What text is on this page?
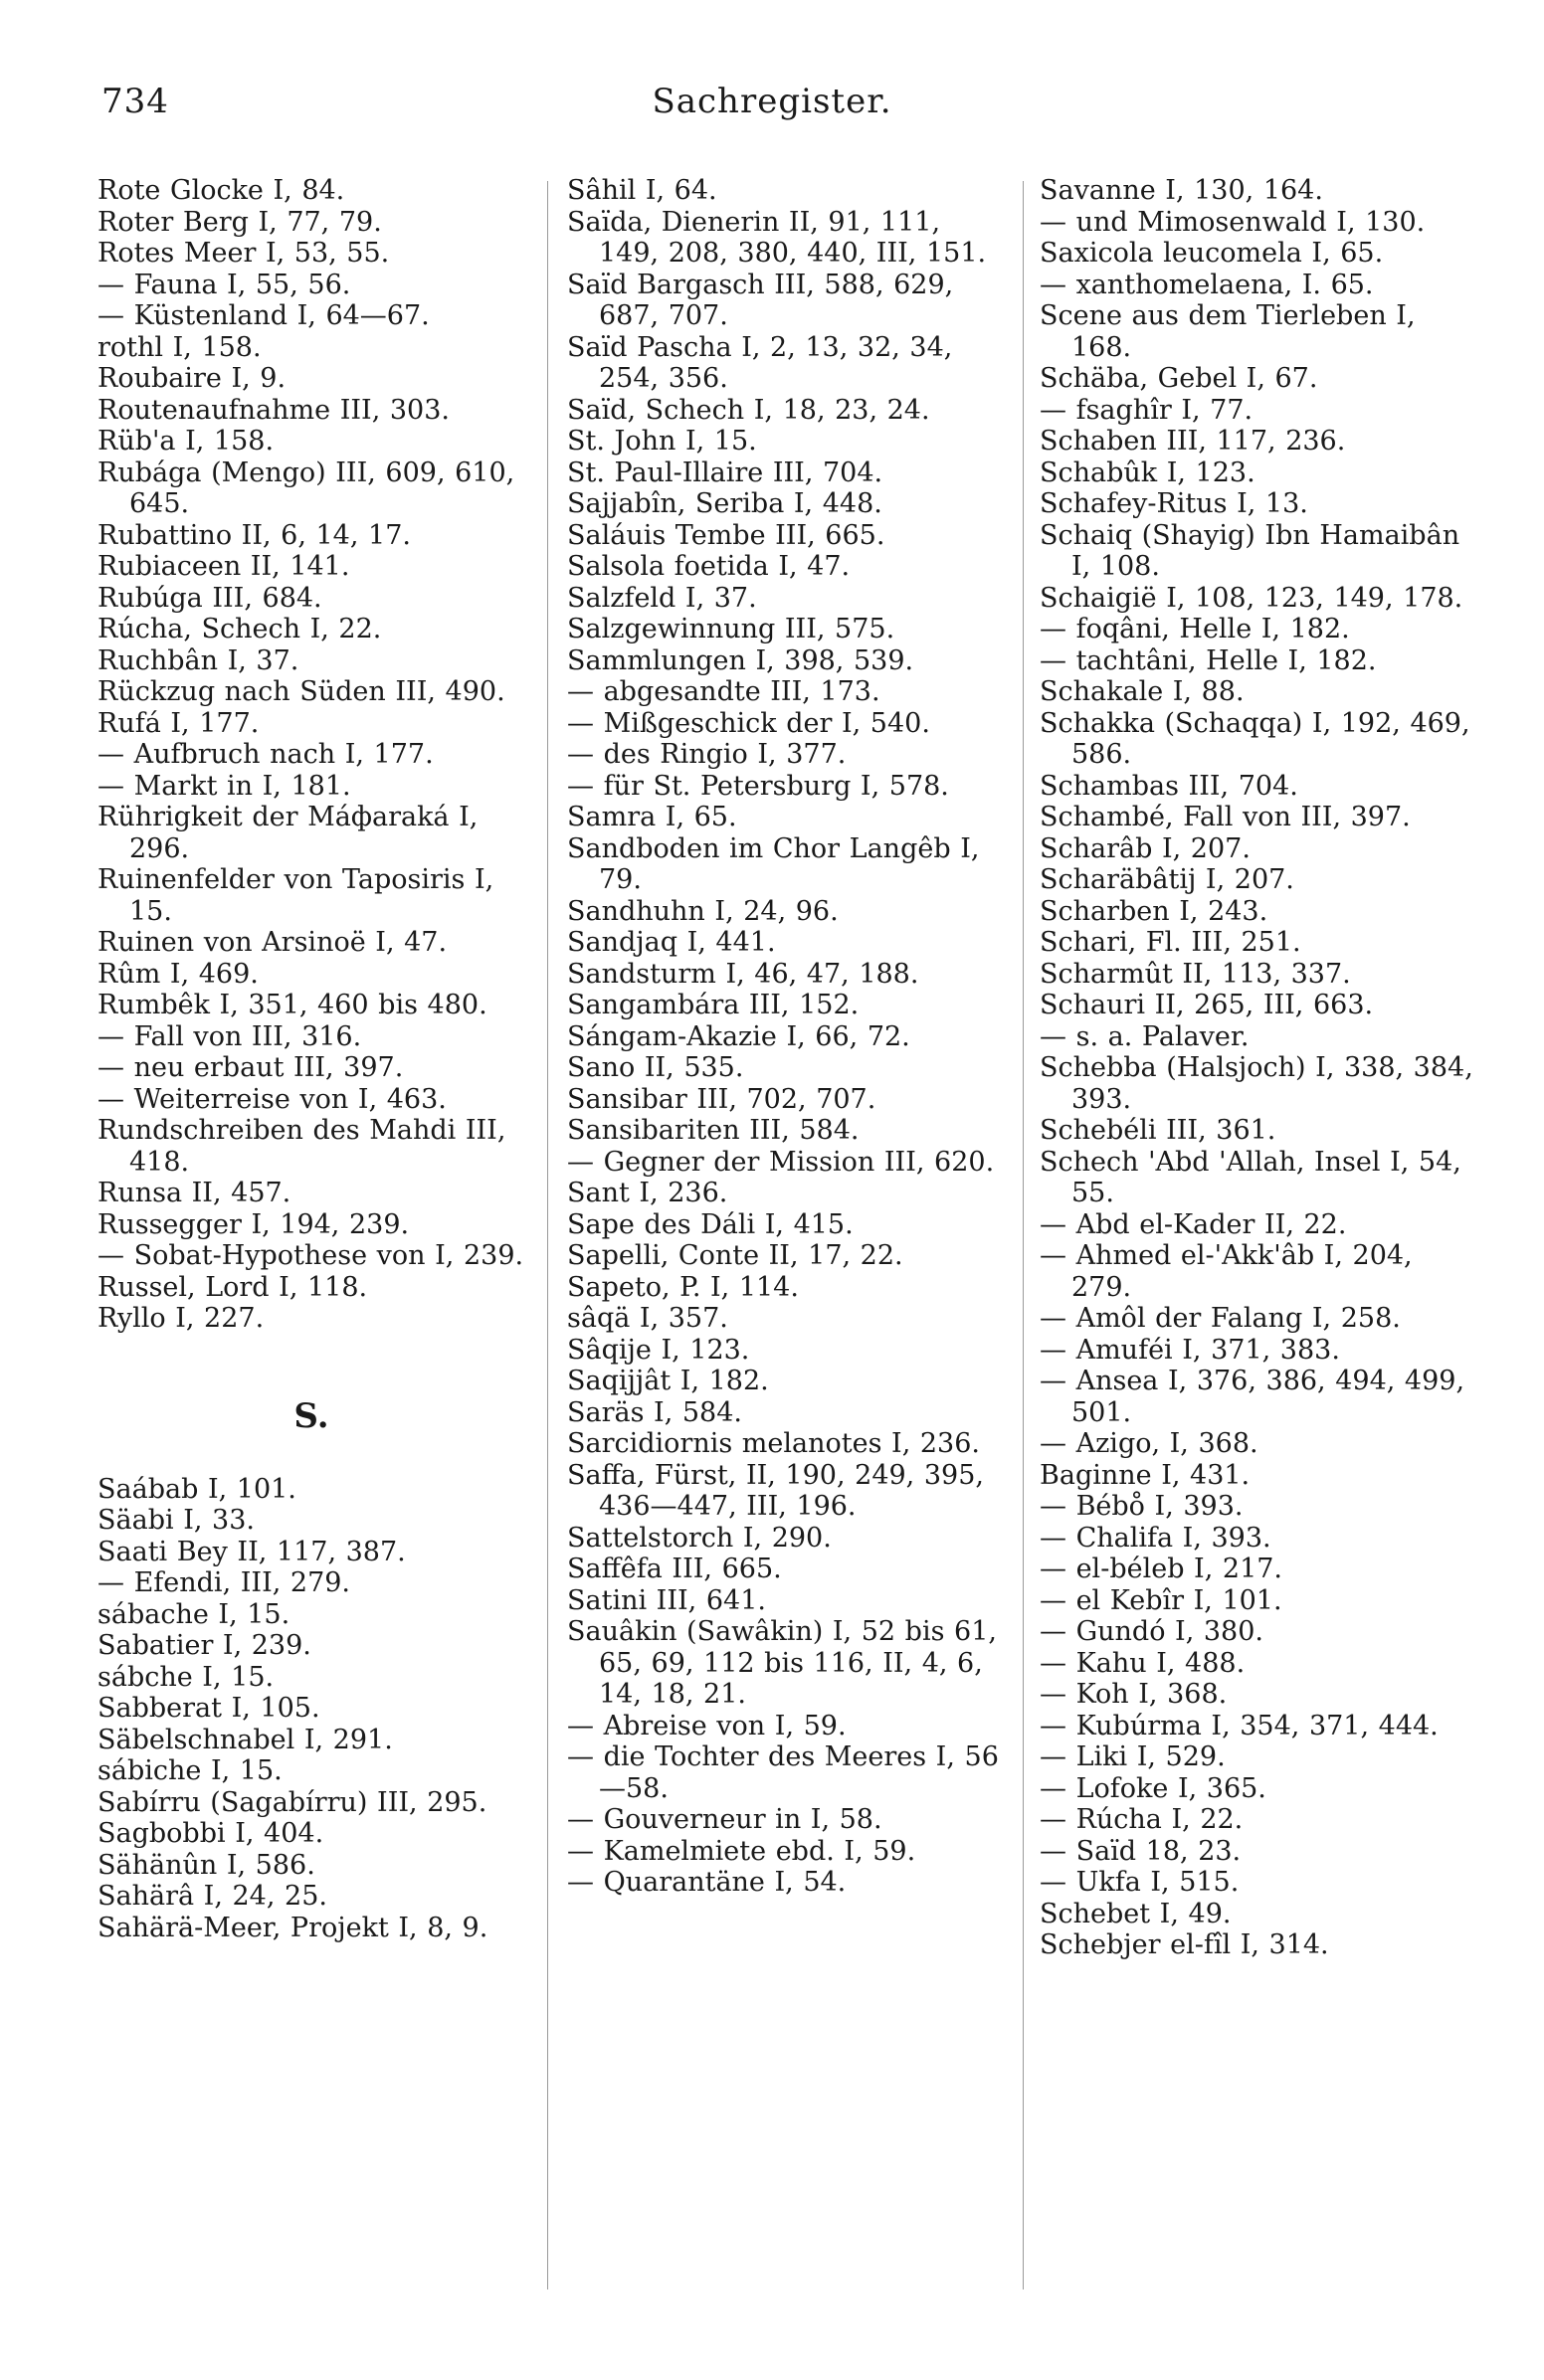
734	Sachregister.

Rote Glocke I, 84.

Roter Berg I, 77, 79.

Rotes Meer I, 53, 55.

— Fauna I, 55, 56.

— Küstenland I, 64—67.

rothl I, 158.

Roubaire I, 9.

Routenaufnahme III, 303.

Rüb'a I, 158.

Rubága (Mengo) III, 609, 610, 645.

Rubattino II, 6, 14, 17.

Rubiaceen II, 141.

Rubúga III, 684.

Rúcha, Schech I, 22.

Ruchbân I, 37.

Rückzug nach Süden III, 490.

Rufá I, 177.

— Aufbruch nach I, 177.

— Markt in I, 181.

Rührigkeit der Máфaraká I, 296.

Ruinenfelder von Taposiris I, 15.

Ruinen von Arsinoë I, 47.

Rûm I, 469.

Rumbêk I, 351, 460 bis 480.

— Fall von III, 316.

— neu erbaut III, 397.

— Weiterreise von I, 463.

Rundschreiben des Mahdi III, 418.

Runsa II, 457.

Russegger I, 194, 239.

— Sobat-Hypothese von I, 239.

Russel, Lord I, 118.

Ryllo I, 227.

S.

Saábab I, 101.

Säabi I, 33.

Saati Bey II, 117, 387.

— Efendi, III, 279.

sábache I, 15.

Sabatier I, 239.

sábche I, 15.

Sabberat I, 105.

Säbelschnabel I, 291.

sábiche I, 15.

Sabírru (Sagabírru) III, 295.

Sagbobbi I, 404.

Sähänûn I, 586.

Sahärâ I, 24, 25.

Sahärä-Meer, Projekt I, 8, 9.

Sâhil I, 64.

Saïda, Dienerin II, 91, 111, 149, 208, 380, 440, III, 151.

Saïd Bargasch III, 588, 629, 687, 707.

Saïd Pascha I, 2, 13, 32, 34, 254, 356.

Saïd, Schech I, 18, 23, 24.

St. John I, 15.

St. Paul-Illaire III, 704.

Sajjabîn, Seriba I, 448.

Saláuis Tembe III, 665.

Salsola foetida I, 47.

Salzfeld I, 37.

Salzgewinnung III, 575.

Sammlungen I, 398, 539.

— abgesandte III, 173.

— Mißgeschick der I, 540.

— des Ringio I, 377.

— für St. Petersburg I, 578.

Samra I, 65.

Sandboden im Chor Langêb I, 79.

Sandhuhn I, 24, 96.

Sandjaq I, 441.

Sandsturm I, 46, 47, 188.

Sangambára III, 152.

Sángam-Akazie I, 66, 72.

Sano II, 535.

Sansibar III, 702, 707.

Sansibariten III, 584.

— Gegner der Mission III, 620.

Sant I, 236.

Sape des Dáli I, 415.

Sapelli, Conte II, 17, 22.

Sapeto, P. I, 114.

sâqä I, 357.

Sâqije I, 123.

Saqijjât I, 182.

Saräs I, 584.

Sarcidiornis melanotes I, 236.

Saffa, Fürst, II, 190, 249, 395, 436—447, III, 196.

Sattelstorch I, 290.

Saffêfa III, 665.

Satini III, 641.

Sauâkin (Sawâkin) I, 52 bis 61, 65, 69, 112 bis 116, II, 4, 6, 14, 18, 21.

— Abreise von I, 59.

— die Tochter des Meeres I, 56—58.

— Gouverneur in I, 58.

— Kamelmiete ebd. I, 59.

— Quarantäne I, 54.

Savanne I, 130, 164.

— und Mimosenwald I, 130.

Saxicola leucomela I, 65.

— xanthomelaena, I. 65.

Scene aus dem Tierleben I, 168.

Schäba, Gebel I, 67.

— fsaghîr I, 77.

Schaben III, 117, 236.

Schabûk I, 123.

Schafey-Ritus I, 13.

Schaiq (Shayig) Ibn Hamaibân I, 108.

Schaigië I, 108, 123, 149, 178.

— foqâni, Helle I, 182.

— tachtâni, Helle I, 182.

Schakale I, 88.

Schakka (Schaqqa) I, 192, 469, 586.

Schambas III, 704.

Schambé, Fall von III, 397.

Scharâb I, 207.

Scharäbâtij I, 207.

Scharben I, 243.

Schari, Fl. III, 251.

Scharmût II, 113, 337.

Schauri II, 265, III, 663.

— s. a. Palaver.

Schebba (Halsjoch) I, 338, 384, 393.

Schebéli III, 361.

Schech 'Abd 'Allah, Insel I, 54, 55.

— Abd el-Kader II, 22.

— Ahmed el-'Akk'âb I, 204, 279.

— Amôl der Falang I, 258.

— Amuféi I, 371, 383.

— Ansea I, 376, 386, 494, 499, 501.

— Azigo, I, 368.

Baginne I, 431.

— Bébo̊ I, 393.

— Chalifa I, 393.

— el-béleb I, 217.

— el Kebîr I, 101.

— Gundó I, 380.

— Kahu I, 488.

— Koh I, 368.

— Kubúrma I, 354, 371, 444.

— Liki I, 529.

— Lofoke I, 365.

— Rúcha I, 22.

— Saïd 18, 23.

— Ukfa I, 515.

Schebet I, 49.

Schebjer el-fîl I, 314.
